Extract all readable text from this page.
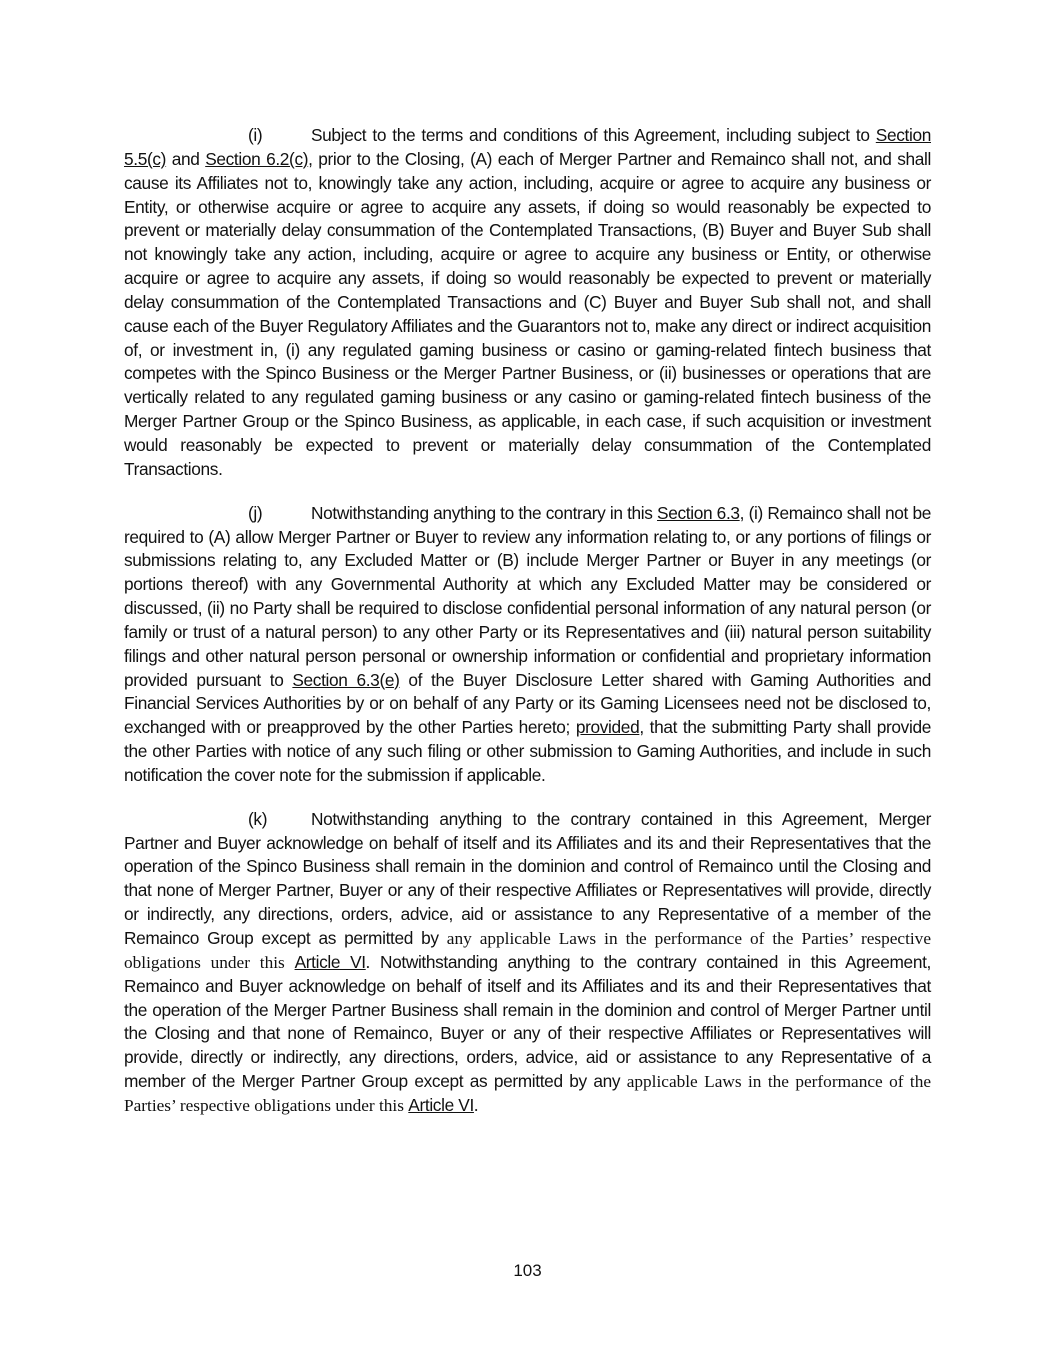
(i)	Subject to the terms and conditions of this Agreement, including subject to Section 5.5(c) and Section 6.2(c), prior to the Closing, (A) each of Merger Partner and Remainco shall not, and shall cause its Affiliates not to, knowingly take any action, including, acquire or agree to acquire any business or Entity, or otherwise acquire or agree to acquire any assets, if doing so would reasonably be expected to prevent or materially delay consummation of the Contemplated Transactions, (B) Buyer and Buyer Sub shall not knowingly take any action, including, acquire or agree to acquire any business or Entity, or otherwise acquire or agree to acquire any assets, if doing so would reasonably be expected to prevent or materially delay consummation of the Contemplated Transactions and (C) Buyer and Buyer Sub shall not, and shall cause each of the Buyer Regulatory Affiliates and the Guarantors not to, make any direct or indirect acquisition of, or investment in, (i) any regulated gaming business or casino or gaming-related fintech business that competes with the Spinco Business or the Merger Partner Business, or (ii) businesses or operations that are vertically related to any regulated gaming business or any casino or gaming-related fintech business of the Merger Partner Group or the Spinco Business, as applicable, in each case, if such acquisition or investment would reasonably be expected to prevent or materially delay consummation of the Contemplated Transactions.

(j)	Notwithstanding anything to the contrary in this Section 6.3, (i) Remainco shall not be required to (A) allow Merger Partner or Buyer to review any information relating to, or any portions of filings or submissions relating to, any Excluded Matter or (B) include Merger Partner or Buyer in any meetings (or portions thereof) with any Governmental Authority at which any Excluded Matter may be considered or discussed, (ii) no Party shall be required to disclose confidential personal information of any natural person (or family or trust of a natural person) to any other Party or its Representatives and (iii) natural person suitability filings and other natural person personal or ownership information or confidential and proprietary information provided pursuant to Section 6.3(e) of the Buyer Disclosure Letter shared with Gaming Authorities and Financial Services Authorities by or on behalf of any Party or its Gaming Licensees need not be disclosed to, exchanged with or preapproved by the other Parties hereto; provided, that the submitting Party shall provide the other Parties with notice of any such filing or other submission to Gaming Authorities, and include in such notification the cover note for the submission if applicable.

(k)	Notwithstanding anything to the contrary contained in this Agreement, Merger Partner and Buyer acknowledge on behalf of itself and its Affiliates and its and their Representatives that the operation of the Spinco Business shall remain in the dominion and control of Remainco until the Closing and that none of Merger Partner, Buyer or any of their respective Affiliates or Representatives will provide, directly or indirectly, any directions, orders, advice, aid or assistance to any Representative of a member of the Remainco Group except as permitted by any applicable Laws in the performance of the Parties’ respective obligations under this Article VI. Notwithstanding anything to the contrary contained in this Agreement, Remainco and Buyer acknowledge on behalf of itself and its Affiliates and its and their Representatives that the operation of the Merger Partner Business shall remain in the dominion and control of Merger Partner until the Closing and that none of Remainco, Buyer or any of their respective Affiliates or Representatives will provide, directly or indirectly, any directions, orders, advice, aid or assistance to any Representative of a member of the Merger Partner Group except as permitted by any applicable Laws in the performance of the Parties’ respective obligations under this Article VI.

103
